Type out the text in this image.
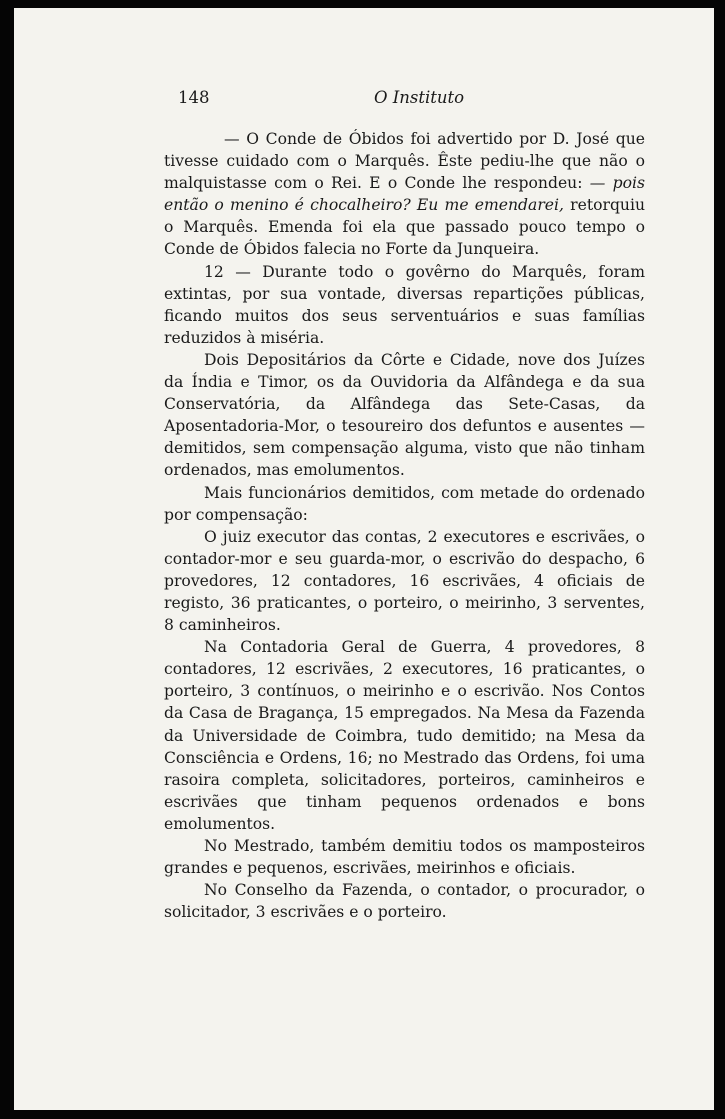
148	O Instituto

— O Conde de Óbidos foi advertido por D. José que tivesse cuidado com o Marquês. Êste pediu-lhe que não o malquistasse com o Rei. E o Conde lhe respondeu: — pois então o menino é chocalheiro? Eu me emendarei, retorquiu o Marquês. Emenda foi ela que passado pouco tempo o Conde de Óbidos falecia no Forte da Junqueira.

12 — Durante todo o govêrno do Marquês, foram extintas, por sua vontade, diversas repartições públicas, ficando muitos dos seus serventuários e suas famílias reduzidos à miséria.

Dois Depositários da Côrte e Cidade, nove dos Juízes da Índia e Timor, os da Ouvidoria da Alfândega e da sua Conservatória, da Alfândega das Sete-Casas, da Aposentadoria-Mor, o tesoureiro dos defuntos e ausentes — demitidos, sem compensação alguma, visto que não tinham ordenados, mas emolumentos.

Mais funcionários demitidos, com metade do ordenado por compensação:

O juiz executor das contas, 2 executores e escrivães, o contador-mor e seu guarda-mor, o escrivão do despacho, 6 provedores, 12 contadores, 16 escrivães, 4 oficiais de registo, 36 praticantes, o porteiro, o meirinho, 3 serventes, 8 caminheiros.

Na Contadoria Geral de Guerra, 4 provedores, 8 contadores, 12 escrivães, 2 executores, 16 praticantes, o porteiro, 3 contínuos, o meirinho e o escrivão. Nos Contos da Casa de Bragança, 15 empregados. Na Mesa da Fazenda da Universidade de Coimbra, tudo demitido; na Mesa da Consciência e Ordens, 16; no Mestrado das Ordens, foi uma rasoira completa, solicitadores, porteiros, caminheiros e escrivães que tinham pequenos ordenados e bons emolumentos.

No Mestrado, também demitiu todos os mamposteiros grandes e pequenos, escrivães, meirinhos e oficiais.

No Conselho da Fazenda, o contador, o procurador, o solicitador, 3 escrivães e o porteiro.
